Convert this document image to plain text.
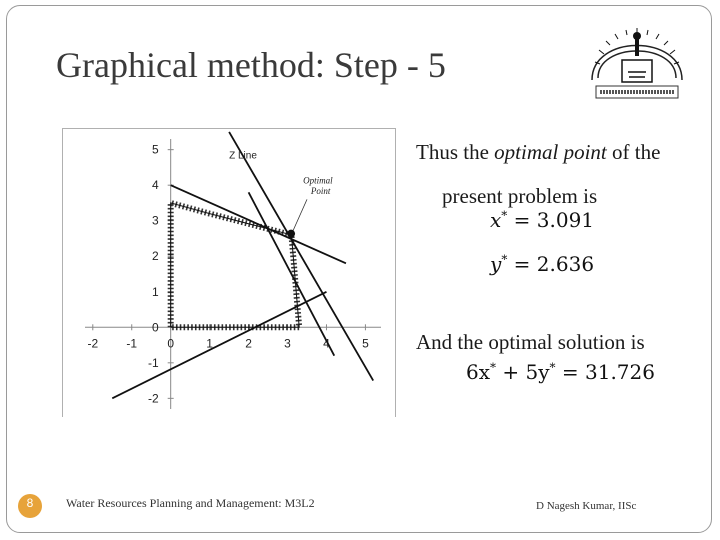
Graphical method: Step - 5
-2 -1	0	1	2	3	4	5
5
4
3
2
1
0
-1
-2
Z Line
Optimal
Point
Thus the optimal point of the
present problem is
x* = 3.091
y* = 2.636
And the optimal solution is
6x* + 5y* = 31.726
8	Water Resources Planning and Management: M3L2	D Nagesh Kumar, IISc
